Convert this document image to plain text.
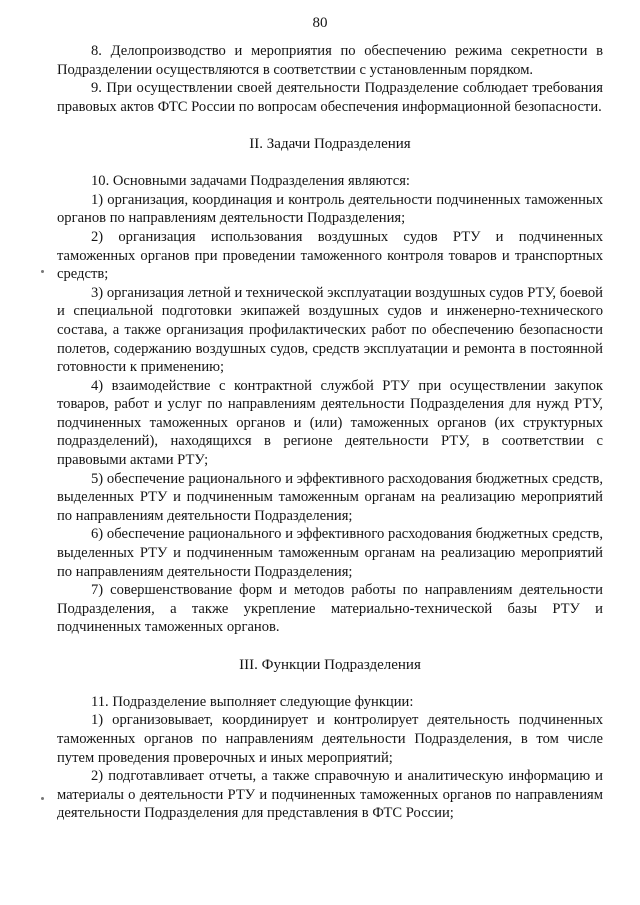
80

8. Делопроизводство и мероприятия по обеспечению режима секретности в Подразделении осуществляются в соответствии с установленным порядком.

9. При осуществлении своей деятельности Подразделение соблюдает требования правовых актов ФТС России по вопросам обеспечения информационной безопасности.

II. Задачи Подразделения

10. Основными задачами Подразделения являются:

1) организация, координация и контроль деятельности подчиненных таможенных органов по направлениям деятельности Подразделения;

2) организация использования воздушных судов РТУ и подчиненных таможенных органов при проведении таможенного контроля товаров и транспортных средств;

3) организация летной и технической эксплуатации воздушных судов РТУ, боевой и специальной подготовки экипажей воздушных судов и инженерно-технического состава, а также организация профилактических работ по обеспечению безопасности полетов, содержанию воздушных судов, средств эксплуатации и ремонта в постоянной готовности к применению;

4) взаимодействие с контрактной службой РТУ при осуществлении закупок товаров, работ и услуг по направлениям деятельности Подразделения для нужд РТУ, подчиненных таможенных органов и (или) таможенных органов (их структурных подразделений), находящихся в регионе деятельности РТУ, в соответствии с правовыми актами РТУ;

5) обеспечение рационального и эффективного расходования бюджетных средств, выделенных РТУ и подчиненным таможенным органам на реализацию мероприятий по направлениям деятельности Подразделения;

6) обеспечение рационального и эффективного расходования бюджетных средств, выделенных РТУ и подчиненным таможенным органам на реализацию мероприятий по направлениям деятельности Подразделения;

7) совершенствование форм и методов работы по направлениям деятельности Подразделения, а также укрепление материально-технической базы РТУ и подчиненных таможенных органов.

III. Функции Подразделения

11. Подразделение выполняет следующие функции:

1) организовывает, координирует и контролирует деятельность подчиненных таможенных органов по направлениям деятельности Подразделения, в том числе путем проведения проверочных и иных мероприятий;

2) подготавливает отчеты, а также справочную и аналитическую информацию и материалы о деятельности РТУ и подчиненных таможенных органов по направлениям деятельности Подразделения для представления в ФТС России;
